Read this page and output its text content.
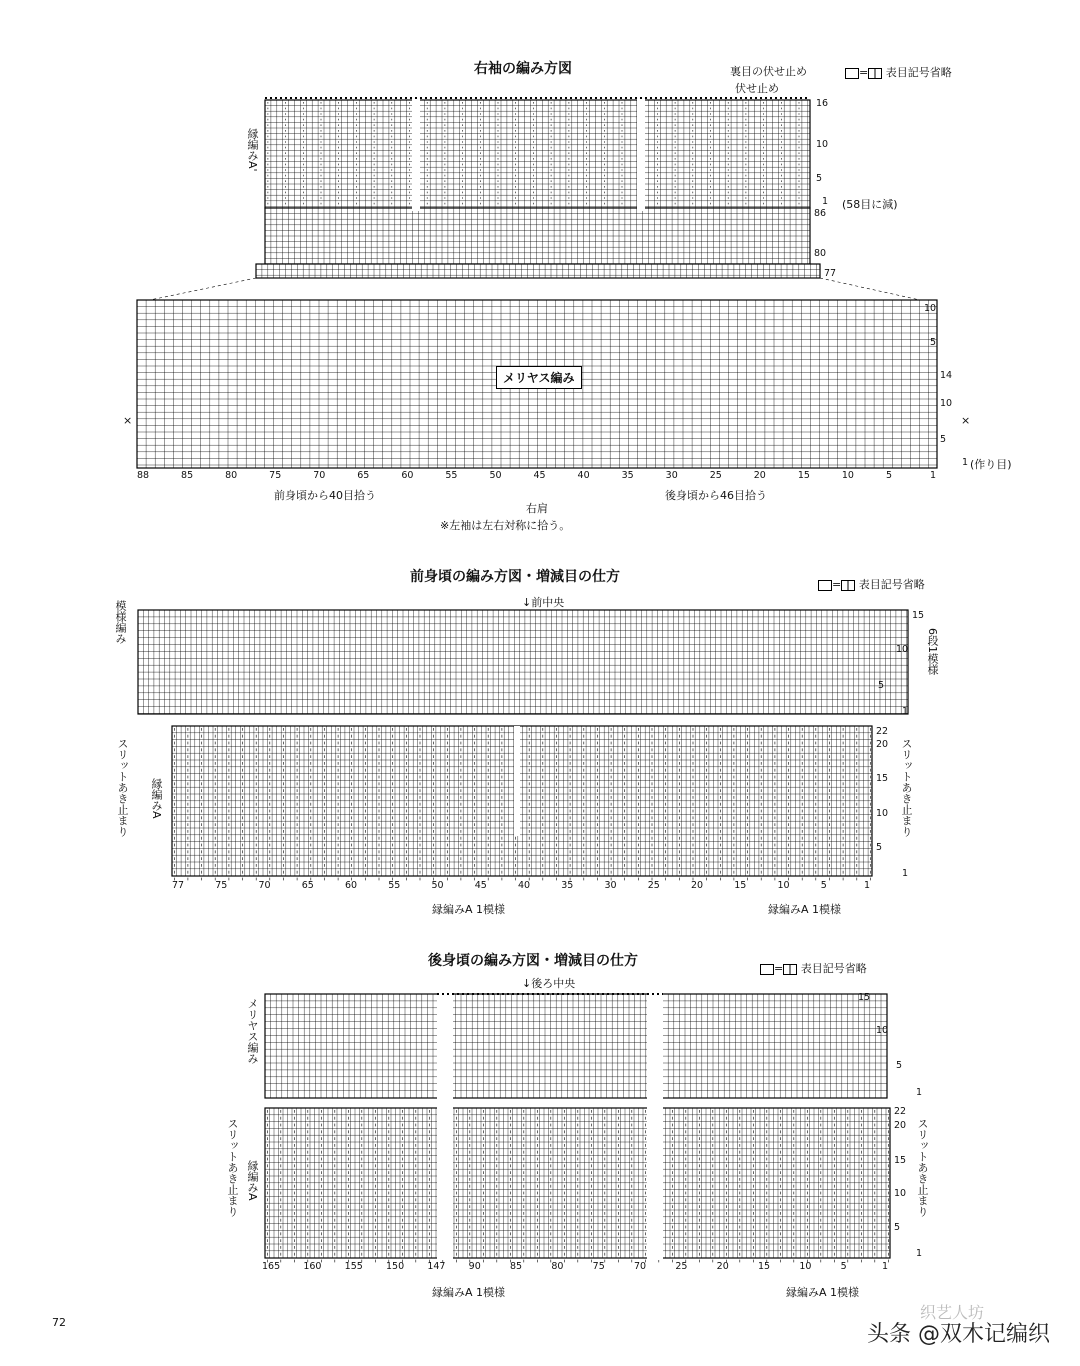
右袖の編み方図	= 表目記号省略
裏目の伏せ止め
伏せ止め
縁編みA'
メリヤス編み
16
10
5
1 (58目に減)
86
80
77
10
5
14
10
5
1 (作り目)
×	×
88	85	80	75	70	65	60	55	50	45	40	35	30	25	20	15	10	5	1
前身頃から40目拾う	後身頃から46目拾う
右肩
※左袖は左右対称に拾う。
前身頃の編み方図・増減目の仕方	= 表目記号省略
↓前中央
模様編み
6段1模様
スリットあき止まり 縁編みA	スリットあき止まり
15
10
5
1
22
20
15
10
5
1
77	75	70	65	60	55	50	45	40	35	30	25	20	15	10	5	1
縁編みA 1模様	縁編みA 1模様
後身頃の編み方図・増減目の仕方	= 表目記号省略
↓後ろ中央
メリヤス編み
スリットあき止まり 縁編みA	スリットあき止まり
15
10
5
1
22
20
15
10
5
1
165 160 155 150 147 90	85	80	75	70	25	20	15	10	5	1
縁編みA 1模様	縁編みA 1模様
72
织艺人坊
头条 @双木记编织
